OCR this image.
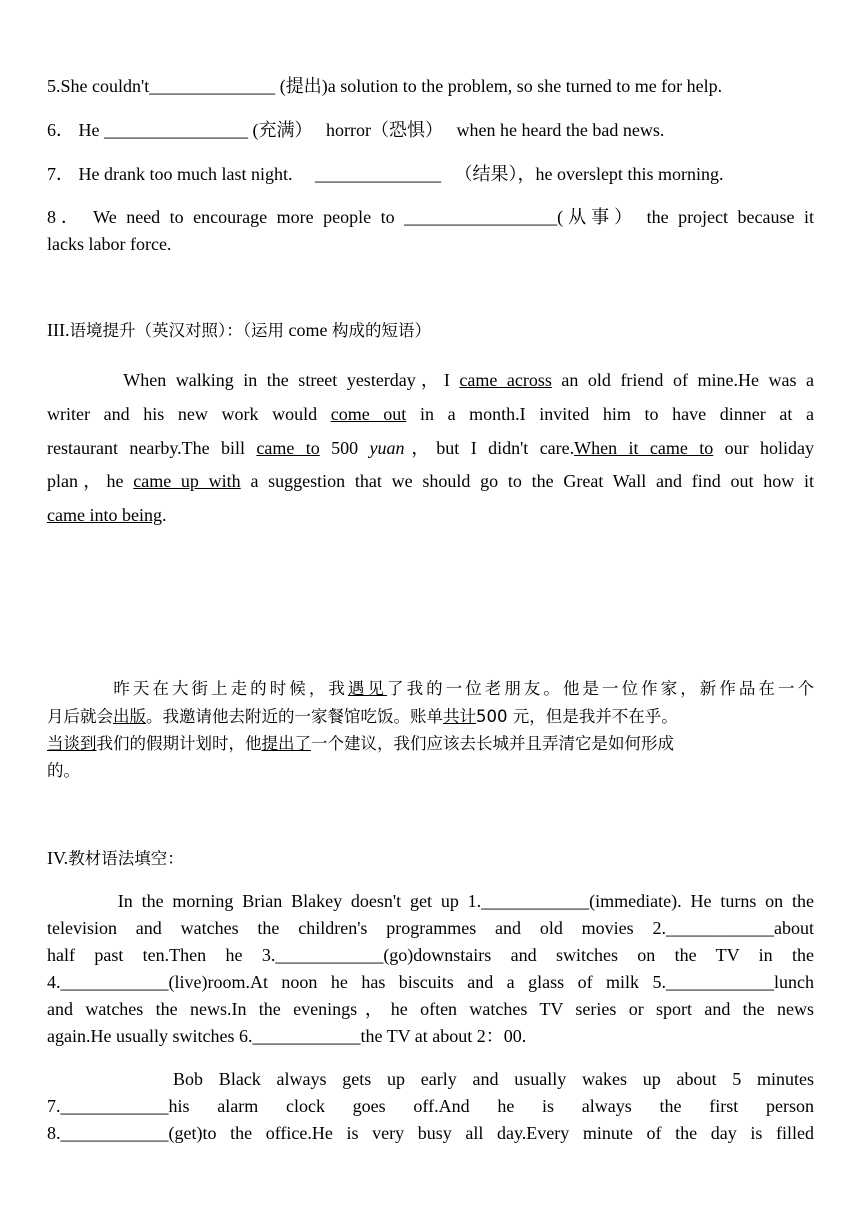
5.She couldn't______________ (提出)a solution to the problem, so she turned to me for help.
6． He ________________ (充满） horror（恐惧） when he heard the bad news.
7． He drank too much last night. ______________ （结果），he overslept this morning.
8． We need to encourage more people to _________________(从事） the project because it
lacks labor force.
III.语境提升（英汉对照）：（运用 come 构成的短语）
When walking in the street yesterday，I came across an old friend of mine.He was a
writer and his new work would come out in a month.I invited him to have dinner at a
restaurant nearby.The bill came to 500 yuan，but I didn't care.When it came to our holiday
plan，he came up with a suggestion that we should go to the Great Wall and find out how it
came into being.
昨天在大街上走的时候，我遇见了我的一位老朋友。他是一位作家，新作品在一个
月后就会出版。我邀请他去附近的一家餐馆吃饭。账单共计500 元，但是我并不在乎。
当谈到我们的假期计划时，他提出了一个建议，我们应该去长城并且弄清它是如何形成
的。
IV.教材语法填空：
In the morning Brian Blakey doesn't get up 1.____________(immediate). He turns on the
television and watches the children's programmes and old movies 2.____________about
half past ten.Then he 3.____________(go)downstairs and switches on the TV in the
4.____________(live)room.At noon he has biscuits and a glass of milk 5.____________lunch
and watches the news.In the evenings，he often watches TV series or sport and the news
again.He usually switches 6.____________the TV at about 2：00.
Bob Black always gets up early and usually wakes up about 5 minutes
7.____________his alarm clock goes off.And he is always the first person
8.____________(get)to the office.He is very busy all day.Every minute of the day is filled
